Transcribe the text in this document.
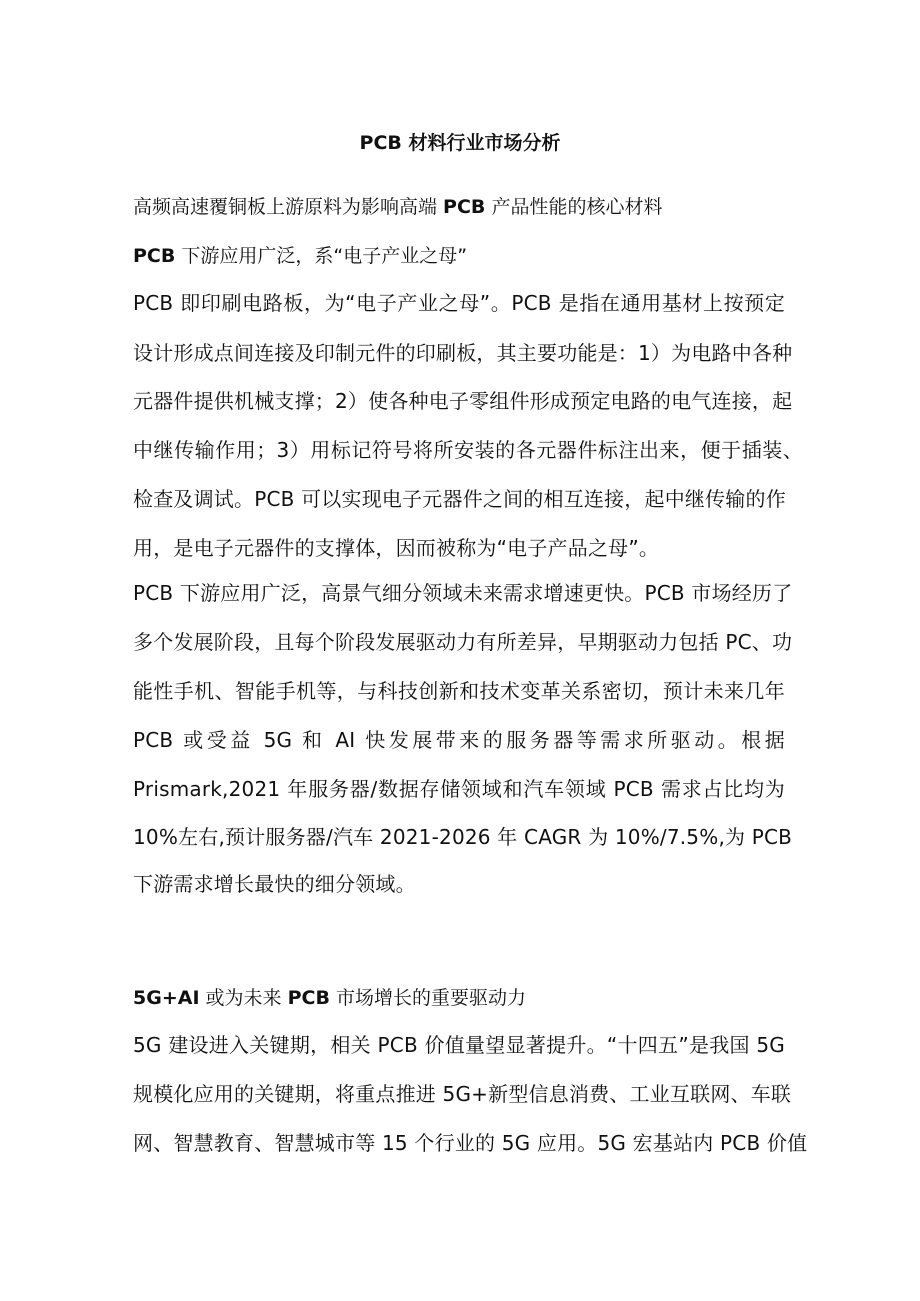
PCB 材料行业市场分析
高频高速覆铜板上游原料为影响高端 PCB 产品性能的核心材料
PCB 下游应用广泛，系“电子产业之母”
PCB 即印刷电路板，为“电子产业之母”。PCB 是指在通用基材上按预定
设计形成点间连接及印制元件的印刷板，其主要功能是：1）为电路中各种
元器件提供机械支撑；2）使各种电子零组件形成预定电路的电气连接，起
中继传输作用；3）用标记符号将所安装的各元器件标注出来，便于插装、
检查及调试。PCB 可以实现电子元器件之间的相互连接，起中继传输的作
用，是电子元器件的支撑体，因而被称为“电子产品之母”。
PCB 下游应用广泛，高景气细分领域未来需求增速更快。PCB 市场经历了
多个发展阶段，且每个阶段发展驱动力有所差异，早期驱动力包括 PC、功
能性手机、智能手机等，与科技创新和技术变革关系密切，预计未来几年
PCB 或受益 5G 和 AI 快发展带来的服务器等需求所驱动。根据
Prismark,2021 年服务器/数据存储领域和汽车领域 PCB 需求占比均为
10%左右,预计服务器/汽车 2021-2026 年 CAGR 为 10%/7.5%,为 PCB
下游需求增长最快的细分领域。
5G+AI 或为未来 PCB 市场增长的重要驱动力
5G 建设进入关键期，相关 PCB 价值量望显著提升。“十四五”是我国 5G
规模化应用的关键期，将重点推进 5G+新型信息消费、工业互联网、车联
网、智慧教育、智慧城市等 15 个行业的 5G 应用。5G 宏基站内 PCB 价值
